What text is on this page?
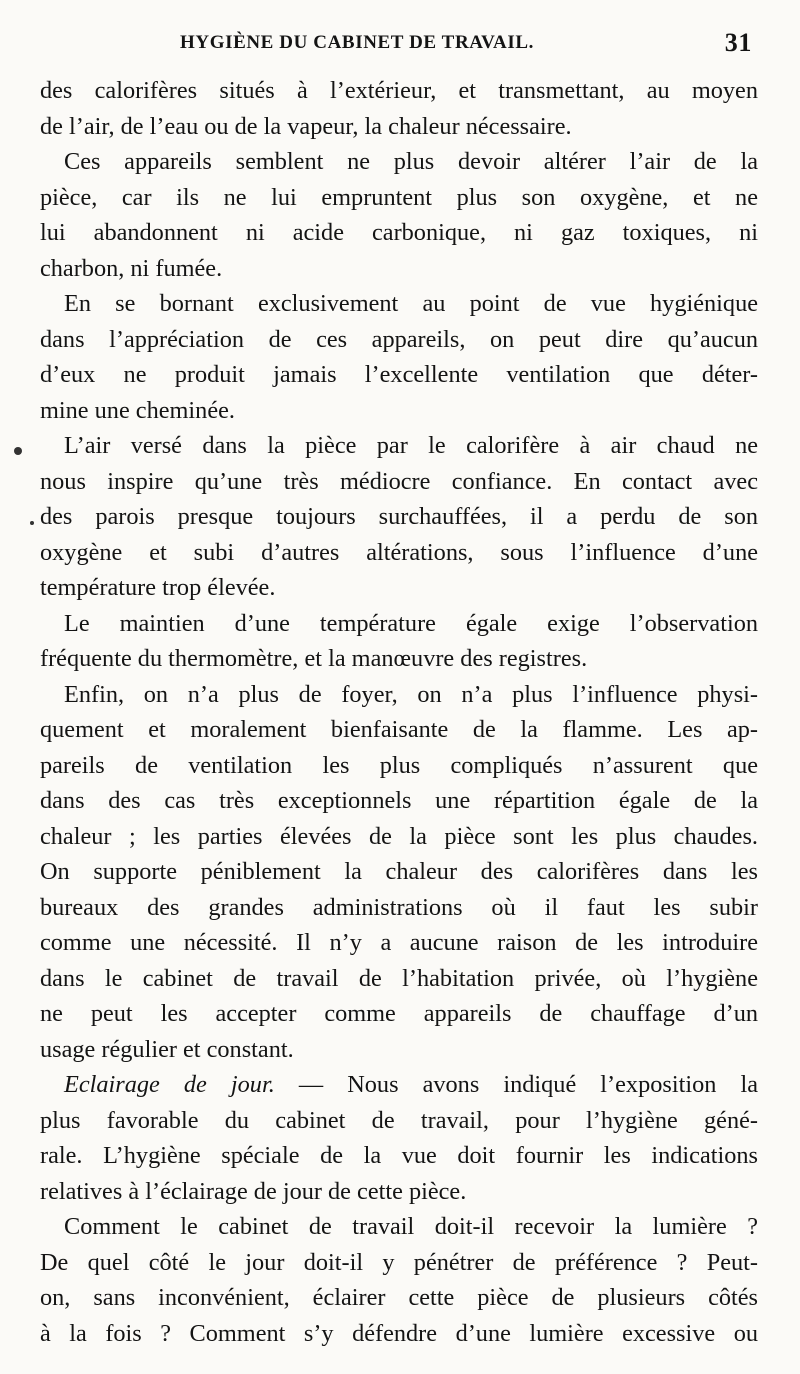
HYGIÈNE DU CABINET DE TRAVAIL.	31

des calorifères situés à l’extérieur, et transmettant, au moyen
de l’air, de l’eau ou de la vapeur, la chaleur nécessaire.

Ces appareils semblent ne plus devoir altérer l’air de la
pièce, car ils ne lui empruntent plus son oxygène, et ne
lui abandonnent ni acide carbonique, ni gaz toxiques, ni
charbon, ni fumée.

En se bornant exclusivement au point de vue hygiénique
dans l’appréciation de ces appareils, on peut dire qu’aucun
d’eux ne produit jamais l’excellente ventilation que déter-
mine une cheminée.

L’air versé dans la pièce par le calorifère à air chaud ne
nous inspire qu’une très médiocre confiance. En contact avec
des parois presque toujours surchauffées, il a perdu de son
oxygène et subi d’autres altérations, sous l’influence d’une
température trop élevée.

Le maintien d’une température égale exige l’observation
fréquente du thermomètre, et la manœuvre des registres.

Enfin, on n’a plus de foyer, on n’a plus l’influence physi-
quement et moralement bienfaisante de la flamme. Les ap-
pareils de ventilation les plus compliqués n’assurent que
dans des cas très exceptionnels une répartition égale de la
chaleur ; les parties élevées de la pièce sont les plus chaudes.
On supporte péniblement la chaleur des calorifères dans les
bureaux des grandes administrations où il faut les subir
comme une nécessité. Il n’y a aucune raison de les introduire
dans le cabinet de travail de l’habitation privée, où l’hygiène
ne peut les accepter comme appareils de chauffage d’un
usage régulier et constant.

Eclairage de jour. — Nous avons indiqué l’exposition la
plus favorable du cabinet de travail, pour l’hygiène géné-
rale. L’hygiène spéciale de la vue doit fournir les indications
relatives à l’éclairage de jour de cette pièce.

Comment le cabinet de travail doit-il recevoir la lumière ?
De quel côté le jour doit-il y pénétrer de préférence ? Peut-
on, sans inconvénient, éclairer cette pièce de plusieurs côtés
à la fois ? Comment s’y défendre d’une lumière excessive ou
